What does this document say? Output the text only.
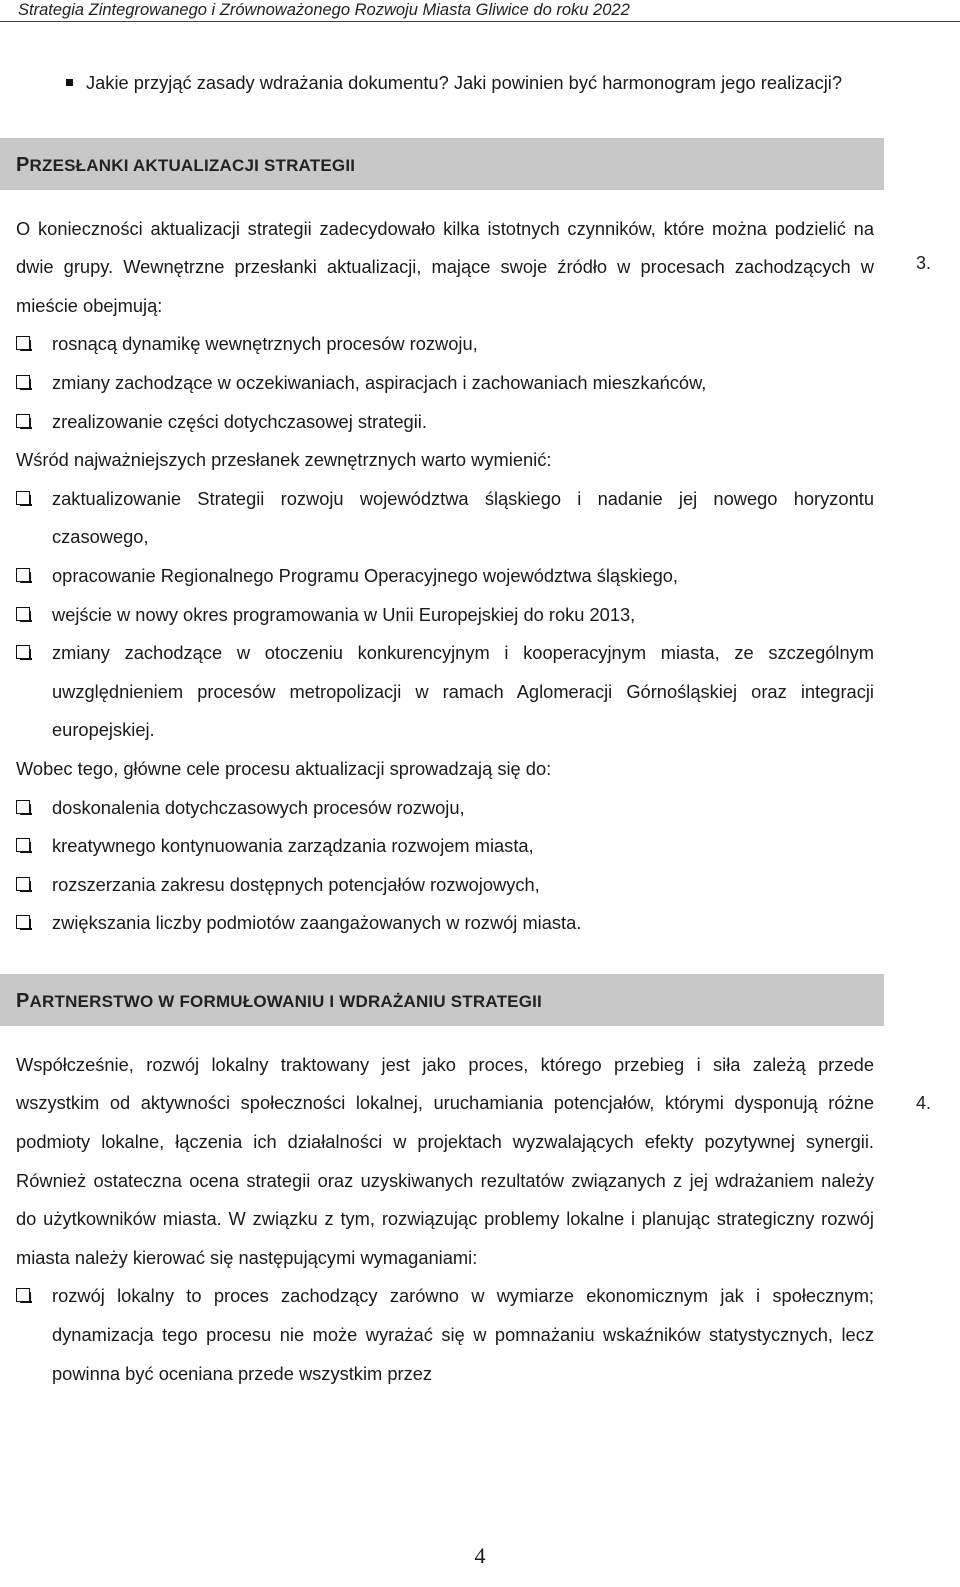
Strategia Zintegrowanego i Zrównoważonego Rozwoju Miasta Gliwice do roku 2022
3.
4.

Jakie przyjąć zasady wdrażania dokumentu? Jaki powinien być harmonogram jego realizacji?

PRZESŁANKI AKTUALIZACJI STRATEGII

O konieczności aktualizacji strategii zadecydowało kilka istotnych czynników, które można podzielić na dwie grupy. Wewnętrzne przesłanki aktualizacji, mające swoje źródło w procesach zachodzących w mieście obejmują:

rosnącą dynamikę wewnętrznych procesów rozwoju,
zmiany zachodzące w oczekiwaniach, aspiracjach i zachowaniach mieszkańców,
zrealizowanie części dotychczasowej strategii.

Wśród najważniejszych przesłanek zewnętrznych warto wymienić:

zaktualizowanie Strategii rozwoju województwa śląskiego i nadanie jej nowego horyzontu czasowego,
opracowanie Regionalnego Programu Operacyjnego województwa śląskiego,
wejście w nowy okres programowania w Unii Europejskiej do roku 2013,
zmiany zachodzące w otoczeniu konkurencyjnym i kooperacyjnym miasta, ze szczególnym uwzględnieniem procesów metropolizacji w ramach Aglomeracji Górnośląskiej oraz integracji europejskiej.

Wobec tego, główne cele procesu aktualizacji sprowadzają się do:

doskonalenia dotychczasowych procesów rozwoju,
kreatywnego kontynuowania zarządzania rozwojem miasta,
rozszerzania zakresu dostępnych potencjałów rozwojowych,
zwiększania liczby podmiotów zaangażowanych w rozwój miasta.
PARTNERSTWO W FORMUŁOWANIU I WDRAŻANIU STRATEGII

Współcześnie, rozwój lokalny traktowany jest jako proces, którego przebieg i siła zależą przede wszystkim od aktywności społeczności lokalnej, uruchamiania potencjałów, którymi dysponują różne podmioty lokalne, łączenia ich działalności w projektach wyzwalających efekty pozytywnej synergii. Również ostateczna ocena strategii oraz uzyskiwanych rezultatów związanych z jej wdrażaniem należy do użytkowników miasta. W związku z tym, rozwiązując problemy lokalne i planując strategiczny rozwój miasta należy kierować się następującymi wymaganiami:

rozwój lokalny to proces zachodzący zarówno w wymiarze ekonomicznym jak i społecznym; dynamizacja tego procesu nie może wyrażać się w pomnażaniu wskaźników statystycznych, lecz powinna być oceniana przede wszystkim przez
4
